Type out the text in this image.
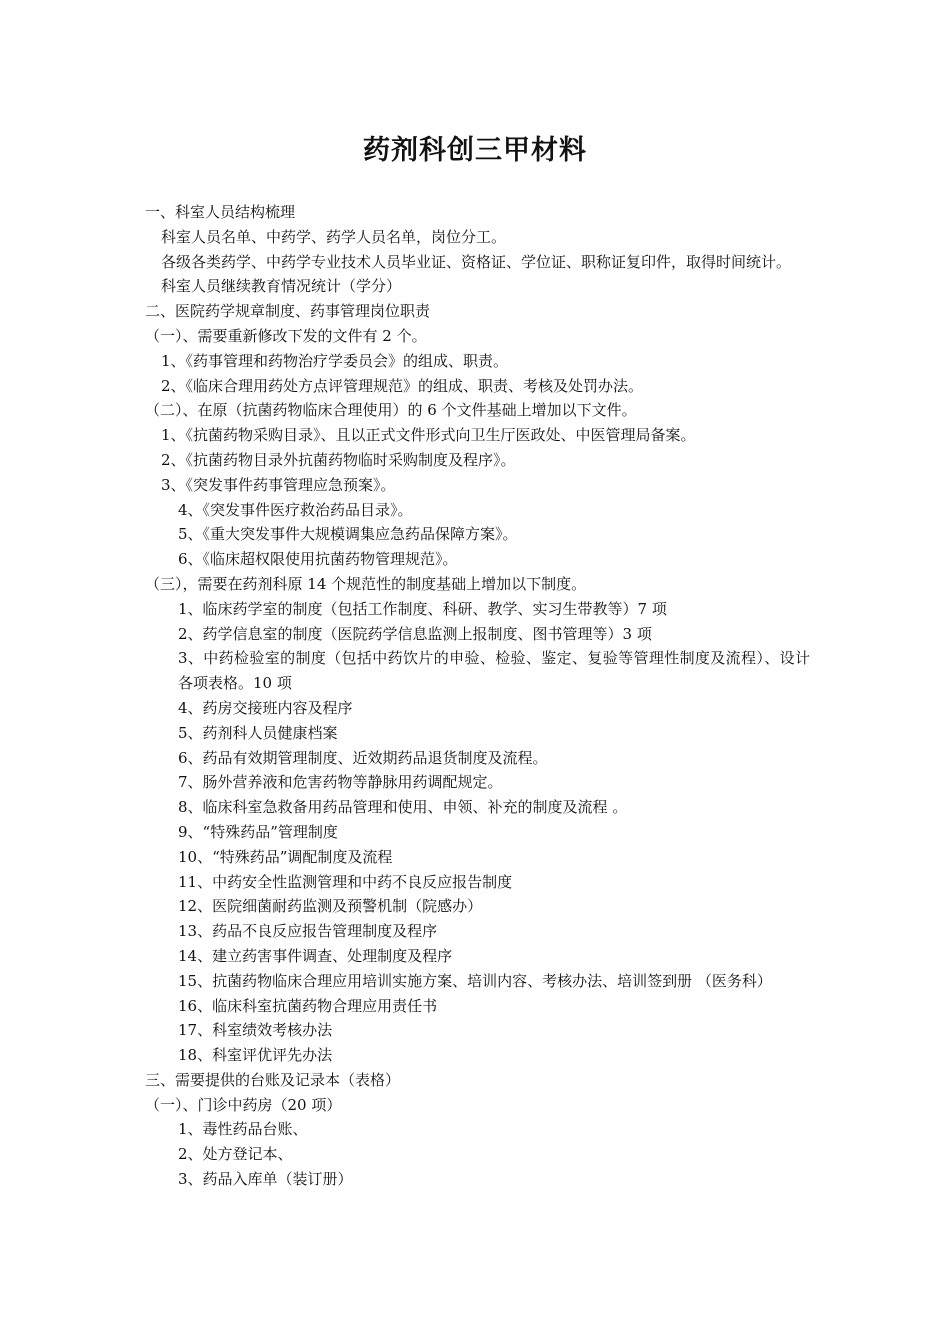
药剂科创三甲材料
一、科室人员结构梳理
科室人员名单、中药学、药学人员名单，岗位分工。
各级各类药学、中药学专业技术人员毕业证、资格证、学位证、职称证复印件，取得时间统计。
科室人员继续教育情况统计（学分）
二、医院药学规章制度、药事管理岗位职责
（一）、需要重新修改下发的文件有 2 个。
1、《药事管理和药物治疗学委员会》的组成、职责。
2、《临床合理用药处方点评管理规范》的组成、职责、考核及处罚办法。
（二）、在原（抗菌药物临床合理使用）的 6 个文件基础上增加以下文件。
1、《抗菌药物采购目录》、且以正式文件形式向卫生厅医政处、中医管理局备案。
2、《抗菌药物目录外抗菌药物临时采购制度及程序》。
3、《突发事件药事管理应急预案》。
4、《突发事件医疗救治药品目录》。
5、《重大突发事件大规模调集应急药品保障方案》。
6、《临床超权限使用抗菌药物管理规范》。
（三），需要在药剂科原 14 个规范性的制度基础上增加以下制度。
1、临床药学室的制度（包括工作制度、科研、教学、实习生带教等）7 项
2、药学信息室的制度（医院药学信息监测上报制度、图书管理等）3 项
3、中药检验室的制度（包括中药饮片的申验、检验、鉴定、复验等管理性制度及流程）、设计各项表格。10 项
4、药房交接班内容及程序
5、药剂科人员健康档案
6、药品有效期管理制度、近效期药品退货制度及流程。
7、肠外营养液和危害药物等静脉用药调配规定。
8、临床科室急救备用药品管理和使用、申领、补充的制度及流程 。
9、“特殊药品”管理制度
10、“特殊药品”调配制度及流程
11、中药安全性监测管理和中药不良反应报告制度
12、医院细菌耐药监测及预警机制（院感办）
13、药品不良反应报告管理制度及程序
14、建立药害事件调查、处理制度及程序
15、抗菌药物临床合理应用培训实施方案、培训内容、考核办法、培训签到册 （医务科）
16、临床科室抗菌药物合理应用责任书
17、科室绩效考核办法
18、科室评优评先办法
三、需要提供的台账及记录本（表格）
（一）、门诊中药房（20 项）
1、毒性药品台账、
2、处方登记本、
3、药品入库单（装订册）
